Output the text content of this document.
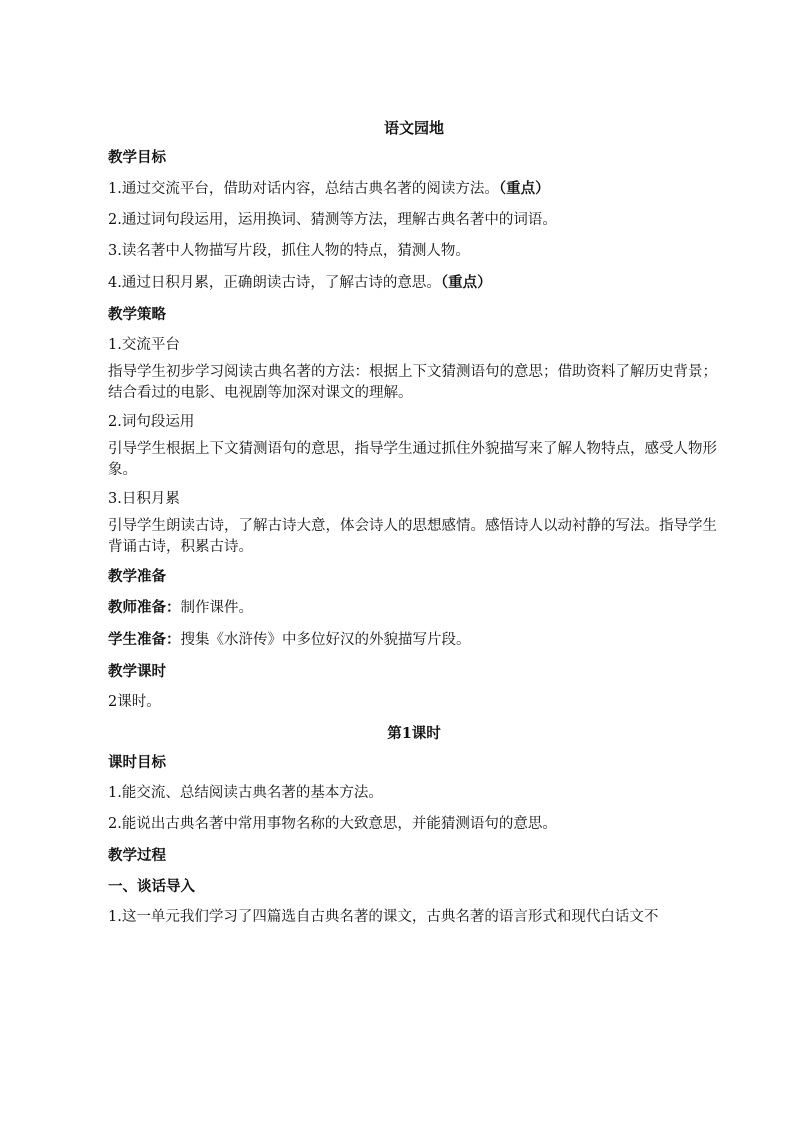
语文园地
教学目标
1.通过交流平台，借助对话内容，总结古典名著的阅读方法。（重点）
2.通过词句段运用，运用换词、猜测等方法，理解古典名著中的词语。
3.读名著中人物描写片段，抓住人物的特点，猜测人物。
4.通过日积月累，正确朗读古诗，了解古诗的意思。（重点）
教学策略
1.交流平台
指导学生初步学习阅读古典名著的方法：根据上下文猜测语句的意思；借助资料了解历史背景；结合看过的电影、电视剧等加深对课文的理解。
2.词句段运用
引导学生根据上下文猜测语句的意思，指导学生通过抓住外貌描写来了解人物特点，感受人物形象。
3.日积月累
引导学生朗读古诗，了解古诗大意，体会诗人的思想感情。感悟诗人以动衬静的写法。指导学生背诵古诗，积累古诗。
教学准备
教师准备：制作课件。
学生准备：搜集《水浒传》中多位好汉的外貌描写片段。
教学课时
2课时。
第1课时
课时目标
1.能交流、总结阅读古典名著的基本方法。
2.能说出古典名著中常用事物名称的大致意思，并能猜测语句的意思。
教学过程
一、谈话导入
1.这一单元我们学习了四篇选自古典名著的课文，古典名著的语言形式和现代白话文不
